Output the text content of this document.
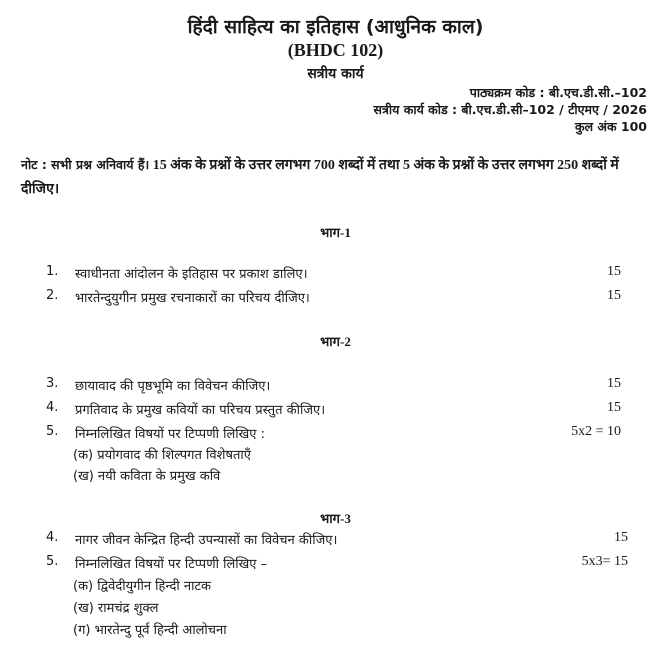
हिंदी साहित्य का इतिहास (आधुनिक काल)
(BHDC 102)
सत्रीय कार्य
पाठ्यक्रम कोड : बी.एच.डी.सी.–102
सत्रीय कार्य कोड : बी.एच.डी.सी–102 / टीएमए / 2026
कुल अंक 100
नोट : सभी प्रश्न अनिवार्य हैं। 15 अंक के प्रश्नों के उत्तर लगभग 700 शब्दों में तथा 5 अंक के प्रश्नों के उत्तर लगभग 250 शब्दों में दीजिए।
भाग-1
1. स्वाधीनता आंदोलन के इतिहास पर प्रकाश डालिए।	15
2. भारतेन्दुयुगीन प्रमुख रचनाकारों का परिचय दीजिए।	15
भाग-2
3. छायावाद की पृष्ठभूमि का विवेचन कीजिए।	15
4. प्रगतिवाद के प्रमुख कवियों का परिचय प्रस्तुत कीजिए।	15
5. निम्नलिखित विषयों पर टिप्पणी लिखिए :	5x2 = 10
(क) प्रयोगवाद की शिल्पगत विशेषताएँ
(ख) नयी कविता के प्रमुख कवि
भाग-3
4. नागर जीवन केन्द्रित हिन्दी उपन्यासों का विवेचन कीजिए।	15
5. निम्नलिखित विषयों पर टिप्पणी लिखिए –	5x3= 15
(क) द्विवेदीयुगीन हिन्दी नाटक
(ख) रामचंद्र शुक्ल
(ग) भारतेन्दु पूर्व हिन्दी आलोचना
